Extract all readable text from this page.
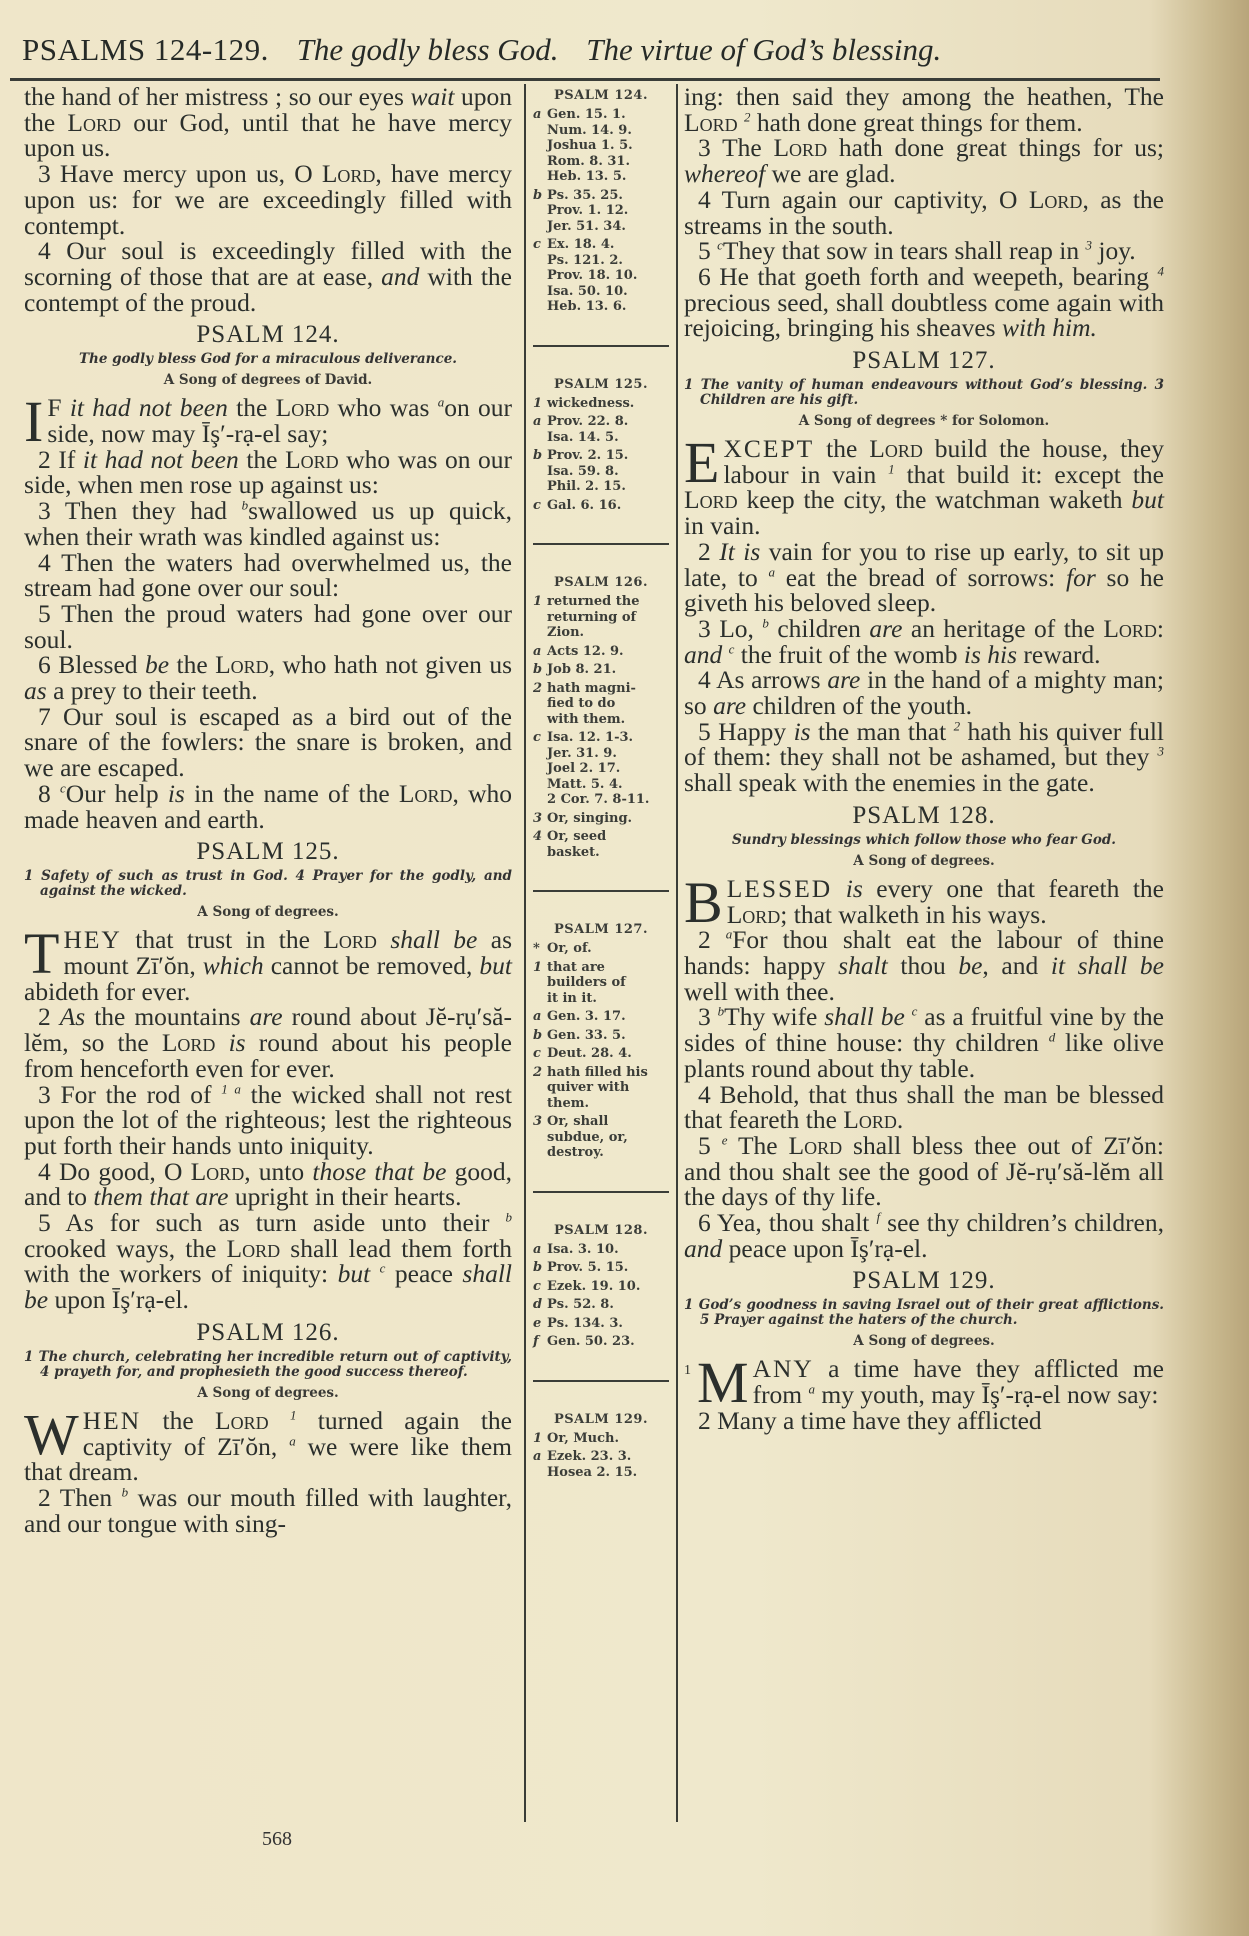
PSALMS 124-129. The godly bless God. The virtue of God’s blessing.

the hand of her mistress ; so our eyes wait upon the Lord our God, until that he have mercy upon us.

3 Have mercy upon us, O Lord, have mercy upon us: for we are exceedingly filled with contempt.

4 Our soul is exceedingly filled with the scorning of those that are at ease, and with the contempt of the proud.

PSALM 124.

The godly bless God for a miraculous deliverance.

A Song of degrees of David.

I F it had not been the Lord who was $^a$on our side, now may Īş′-rạ-el say;

2 If it had not been the Lord who was on our side, when men rose up against us:

3 Then they had $^b$swallowed us up quick, when their wrath was kindled against us:

4 Then the waters had overwhelmed us, the stream had gone over our soul:

5 Then the proud waters had gone over our soul.

6 Blessed be the Lord, who hath not given us as a prey to their teeth.

7 Our soul is escaped as a bird out of the snare of the fowlers: the snare is broken, and we are escaped.

8 $^c$Our help is in the name of the Lord, who made heaven and earth.

PSALM 125.

1 Safety of such as trust in God. 4 Prayer for the godly, and against the wicked.

A Song of degrees.

THEY that trust in the Lord shall be as mount Zī′ŏn, which cannot be removed, but abideth for ever.

2 As the mountains are round about Jĕ-rụ′să-lĕm, so the Lord is round about his people from henceforth even for ever.

3 For the rod of $^{1 a}$ the wicked shall not rest upon the lot of the righteous; lest the righteous put forth their hands unto iniquity.

4 Do good, O Lord, unto those that be good, and to them that are upright in their hearts.

5 As for such as turn aside unto their $^b$ crooked ways, the Lord shall lead them forth with the workers of iniquity: but $^c$ peace shall be upon Īş′rạ-el.

PSALM 126.

1 The church, celebrating her incredible return out of captivity, 4 prayeth for, and prophesieth the good success thereof.

A Song of degrees.

WHEN the Lord $^1$ turned again the captivity of Zī′ŏn, $^a$ we were like them that dream.

2 Then $^b$ was our mouth filled with laughter, and our tongue with sing-

PSALM 124.
a Gen. 15. 1.
Num. 14. 9.
Joshua 1. 5.
Rom. 8. 31.
Heb. 13. 5.
b Ps. 35. 25.
Prov. 1. 12.
Jer. 51. 34.
c Ex. 18. 4.
Ps. 121. 2.
Prov. 18. 10.
Isa. 50. 10.
Heb. 13. 6.
PSALM 125.
1 wickedness.
a Prov. 22. 8.
Isa. 14. 5.
b Prov. 2. 15.
Isa. 59. 8.
Phil. 2. 15.
c Gal. 6. 16.
PSALM 126.
1 returned the
returning of
Zion.
a Acts 12. 9.
b Job 8. 21.
2 hath magni-
fied to do
with them.
c Isa. 12. 1-3.
Jer. 31. 9.
Joel 2. 17.
Matt. 5. 4.
2 Cor. 7. 8-11.
3 Or, singing.
4 Or, seed
basket.
PSALM 127.
* Or, of.
1 that are
builders of
it in it.
a Gen. 3. 17.
b Gen. 33. 5.
c Deut. 28. 4.
2 hath filled his
quiver with
them.
3 Or, shall
subdue, or,
destroy.
PSALM 128.
a Isa. 3. 10.
b Prov. 5. 15.
c Ezek. 19. 10.
d Ps. 52. 8.
e Ps. 134. 3.
f Gen. 50. 23.
PSALM 129.
1 Or, Much.
a Ezek. 23. 3.
Hosea 2. 15.

ing: then said they among the heathen, The Lord $^2$ hath done great things for them.

3 The Lord hath done great things for us; whereof we are glad.

4 Turn again our captivity, O Lord, as the streams in the south.

5 $^c$They that sow in tears shall reap in $^3$ joy.

6 He that goeth forth and weepeth, bearing $^4$ precious seed, shall doubtless come again with rejoicing, bringing his sheaves with him.

PSALM 127.

1 The vanity of human endeavours without God’s blessing. 3 Children are his gift.

A Song of degrees * for Solomon.

EXCEPT the Lord build the house, they labour in vain $^1$ that build it: except the Lord keep the city, the watchman waketh but in vain.

2 It is vain for you to rise up early, to sit up late, to $^a$ eat the bread of sorrows: for so he giveth his beloved sleep.

3 Lo, $^b$ children are an heritage of the Lord: and $^c$ the fruit of the womb is his reward.

4 As arrows are in the hand of a mighty man; so are children of the youth.

5 Happy is the man that $^2$ hath his quiver full of them: they shall not be ashamed, but they $^3$ shall speak with the enemies in the gate.

PSALM 128.

Sundry blessings which follow those who fear God.

A Song of degrees.

BLESSED is every one that feareth the Lord; that walketh in his ways.

2 $^a$For thou shalt eat the labour of thine hands: happy shalt thou be, and it shall be well with thee.

3 $^b$Thy wife shall be $^c$ as a fruitful vine by the sides of thine house: thy children $^d$ like olive plants round about thy table.

4 Behold, that thus shall the man be blessed that feareth the Lord.

5 $^e$ The Lord shall bless thee out of Zī′ŏn: and thou shalt see the good of Jĕ-rụ′să-lĕm all the days of thy life.

6 Yea, thou shalt $^f$ see thy children’s children, and peace upon Īş′rạ-el.

PSALM 129.

1 God’s goodness in saving Israel out of their great afflictions. 5 Prayer against the haters of the church.

A Song of degrees.

1 M ANY a time have they afflicted me from $^a$ my youth, may Īş′-rạ-el now say:

2 Many a time have they afflicted

568
